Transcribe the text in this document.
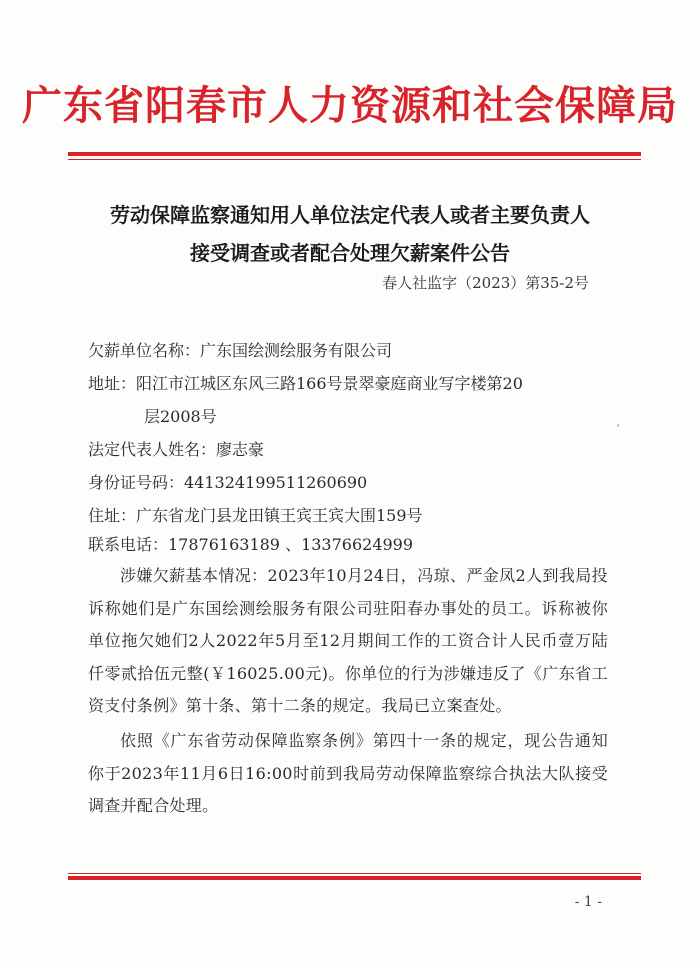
广东省阳春市人力资源和社会保障局
劳动保障监察通知用人单位法定代表人或者主要负责人
接受调查或者配合处理欠薪案件公告
春人社监字（2023）第35-2号
欠薪单位名称：广东国绘测绘服务有限公司
地址：阳江市江城区东风三路166号景翠豪庭商业写字楼第20
层2008号
法定代表人姓名：廖志豪
身份证号码：441324199511260690
住址：广东省龙门县龙田镇王宾王宾大围159号
联系电话：17876163189 、13376624999
涉嫌欠薪基本情况：2023年10月24日，冯琼、严金凤2人到我局投诉称她们是广东国绘测绘服务有限公司驻阳春办事处的员工。诉称被你单位拖欠她们2人2022年5月至12月期间工作的工资合计人民币壹万陆仟零贰拾伍元整(￥16025.00元)。你单位的行为涉嫌违反了《广东省工资支付条例》第十条、第十二条的规定。我局已立案查处。
依照《广东省劳动保障监察条例》第四十一条的规定，现公告通知你于2023年11月6日16:00时前到我局劳动保障监察综合执法大队接受调查并配合处理。
- 1 -
